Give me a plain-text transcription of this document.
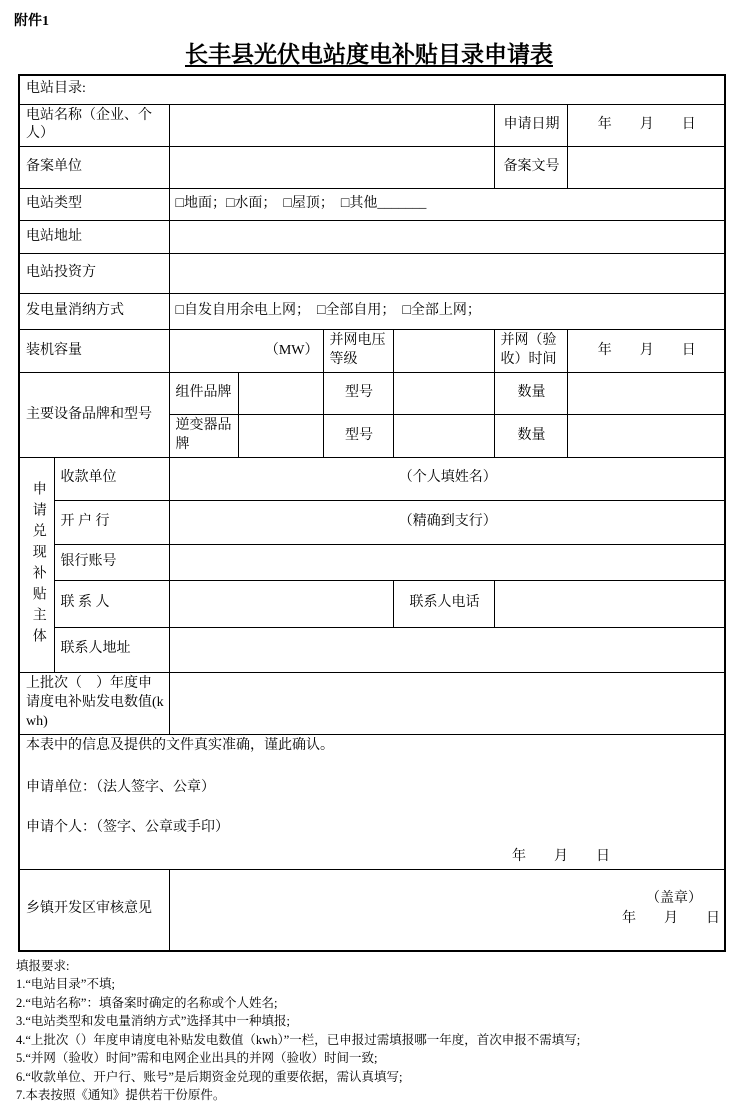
附件1
长丰县光伏电站度电补贴目录申请表
电站目录:							
电站名称（企业、个人）						申请日期	年　　月　　日
备案单位						备案文号	
电站类型		□地面；□水面；　□屋顶；　□其他_______					
电站地址							
电站投资方							
发电量消纳方式		□自发自用余电上网；　□全部自用；　□全部上网；					
装机容量		（MW）		并网电压等级		并网（验收）时间	年　　月　　日
主要设备品牌和型号		组件品牌		型号		数量	
		逆变器品牌		型号		数量	

申请兑现补贴主体	收款单位	（个人填姓名）					
	开 户 行	（精确到支行）					
	银行账号						
	联 系 人				联系人电话		
	联系人地址						
上批次（　）年度申请度电补贴发电数值(kwh)							

本表中的信息及提供的文件真实准确，谨此确认。
申请单位：（法人签字、公章）
申请个人：（签字、公章或手印）
年　　月　　日							

乡镇开发区审核意见		（盖章）
年　　月　　日					
填报要求:
1.“电站目录”不填;
2.“电站名称”：填备案时确定的名称或个人姓名;
3.“电站类型和发电量消纳方式”选择其中一种填报;
4.“上批次（）年度申请度电补贴发电数值（kwh）”一栏，已申报过需填报哪一年度，首次申报不需填写;
5.“并网（验收）时间”需和电网企业出具的并网（验收）时间一致;
6.“收款单位、开户行、账号”是后期资金兑现的重要依据，需认真填写;
7.本表按照《通知》提供若干份原件。
